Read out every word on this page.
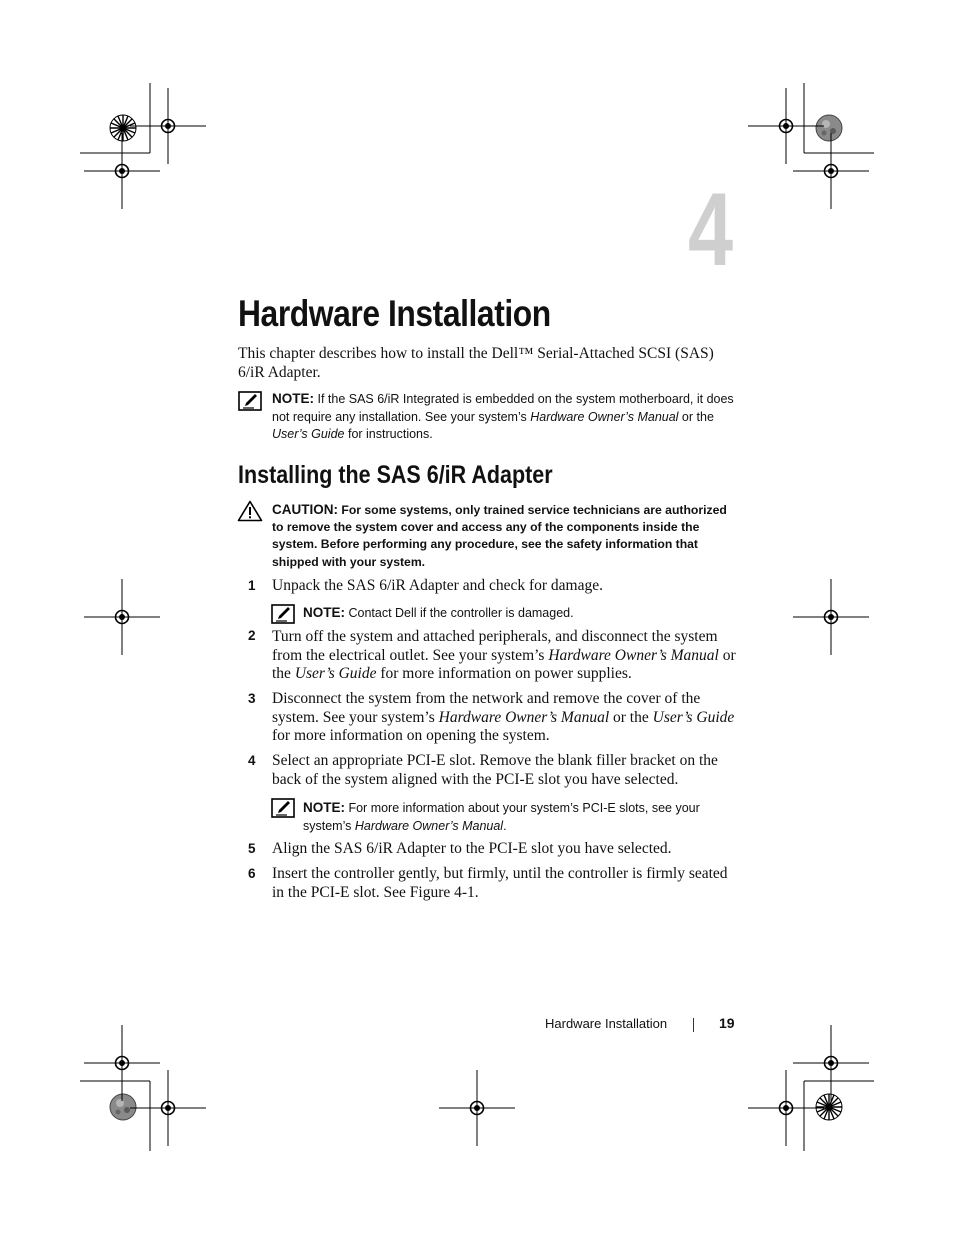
4
Hardware Installation
This chapter describes how to install the Dell™ Serial-Attached SCSI (SAS) 6/iR Adapter.
NOTE: If the SAS 6/iR Integrated is embedded on the system motherboard, it does not require any installation. See your system’s Hardware Owner’s Manual or the User’s Guide for instructions.
Installing the SAS 6/iR Adapter
CAUTION: For some systems, only trained service technicians are authorized to remove the system cover and access any of the components inside the system. Before performing any procedure, see the safety information that shipped with your system.
1 Unpack the SAS 6/iR Adapter and check for damage.
NOTE: Contact Dell if the controller is damaged.
2 Turn off the system and attached peripherals, and disconnect the system from the electrical outlet. See your system’s Hardware Owner’s Manual or the User’s Guide for more information on power supplies.
3 Disconnect the system from the network and remove the cover of the system. See your system’s Hardware Owner’s Manual or the User’s Guide for more information on opening the system.
4 Select an appropriate PCI-E slot. Remove the blank filler bracket on the back of the system aligned with the PCI-E slot you have selected.
NOTE: For more information about your system’s PCI-E slots, see your system’s Hardware Owner’s Manual.
5 Align the SAS 6/iR Adapter to the PCI-E slot you have selected.
6 Insert the controller gently, but firmly, until the controller is firmly seated in the PCI-E slot. See Figure 4-1.
Hardware Installation	19
